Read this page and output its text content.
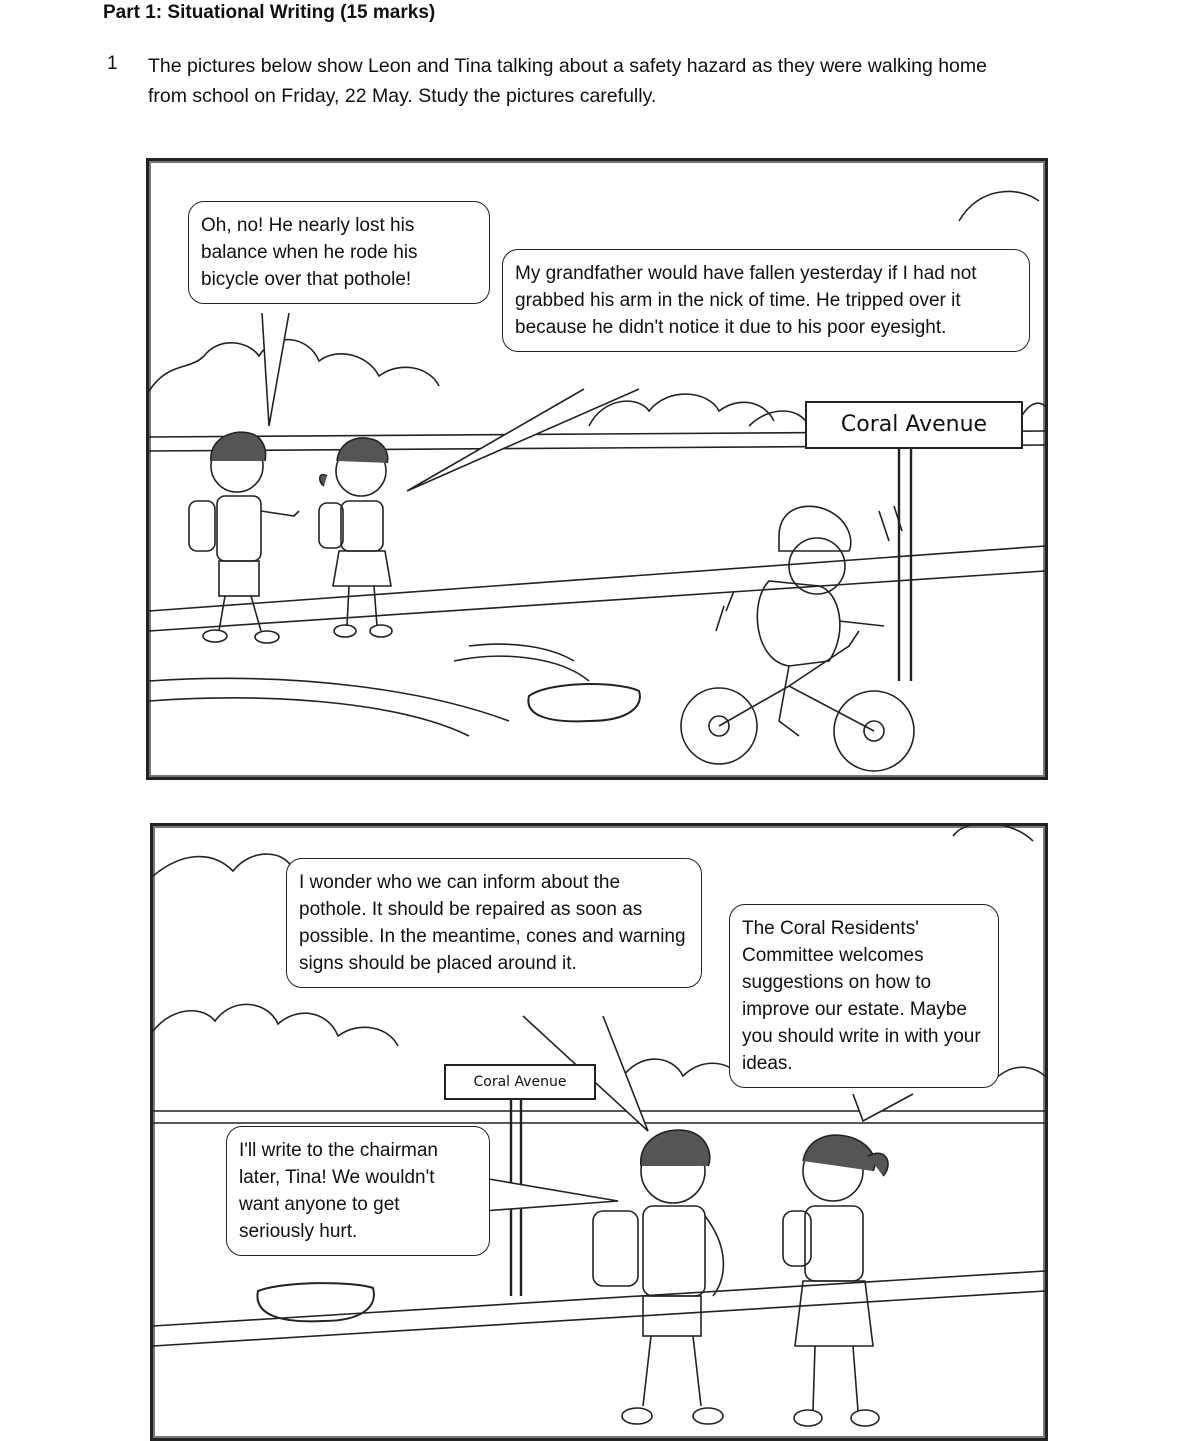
Part 1: Situational Writing (15 marks)
1 The pictures below show Leon and Tina talking about a safety hazard as they were walking home from school on Friday, 22 May. Study the pictures carefully.
Oh, no! He nearly lost his balance when he rode his bicycle over that pothole!	My grandfather would have fallen yesterday if I had not grabbed his arm in the nick of time. He tripped over it because he didn't notice it due to his poor eyesight.
Coral Avenue
I wonder who we can inform about the pothole. It should be repaired as soon as possible. In the meantime, cones and warning signs should be placed around it.
The Coral Residents' Committee welcomes suggestions on how to improve our estate. Maybe you should write in with your ideas.
I'll write to the chairman later, Tina! We wouldn't want anyone to get seriously hurt.
Coral Avenue
